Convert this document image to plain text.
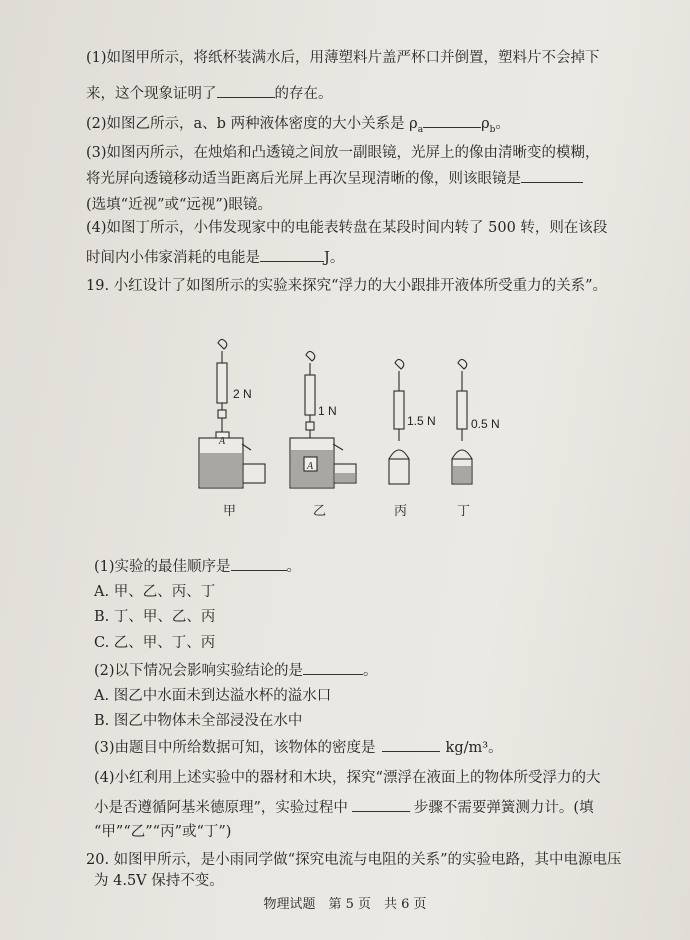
(1)如图甲所示，将纸杯装满水后，用薄塑料片盖严杯口并倒置，塑料片不会掉下
来，这个现象证明了	的存在。
(2)如图乙所示，a、b 两种液体密度的大小关系是 $\rho_a$	$\rho_b$。
(3)如图丙所示，在烛焰和凸透镜之间放一副眼镜，光屏上的像由清晰变的模糊，
将光屏向透镜移动适当距离后光屏上再次呈现清晰的像，则该眼镜是
(选填“近视”或“远视”)眼镜。
(4)如图丁所示，小伟发现家中的电能表转盘在某段时间内转了 500 转，则在该段
时间内小伟家消耗的电能是	J。
19. 小红设计了如图所示的实验来探究“浮力的大小跟排开液体所受重力的关系”。
2 N
1 N
1.5 N	0.5 N
A
A
甲	乙	丙	丁
(1)实验的最佳顺序是	。
A. 甲、乙、丙、丁
B. 丁、甲、乙、丙
C. 乙、甲、丁、丙
(2)以下情况会影响实验结论的是	。
A. 图乙中水面未到达溢水杯的溢水口
B. 图乙中物体未全部浸没在水中
(3)由题目中所给数据可知，该物体的密度是	kg/m³。
(4)小红利用上述实验中的器材和木块，探究“漂浮在液面上的物体所受浮力的大
小是否遵循阿基米德原理”，实验过程中	步骤不需要弹簧测力计。(填
“甲”“乙”“丙”或“丁”)
20. 如图甲所示，是小雨同学做“探究电流与电阻的关系”的实验电路，其中电源电压
为 4.5V 保持不变。
物理试题　第 5 页　共 6 页
